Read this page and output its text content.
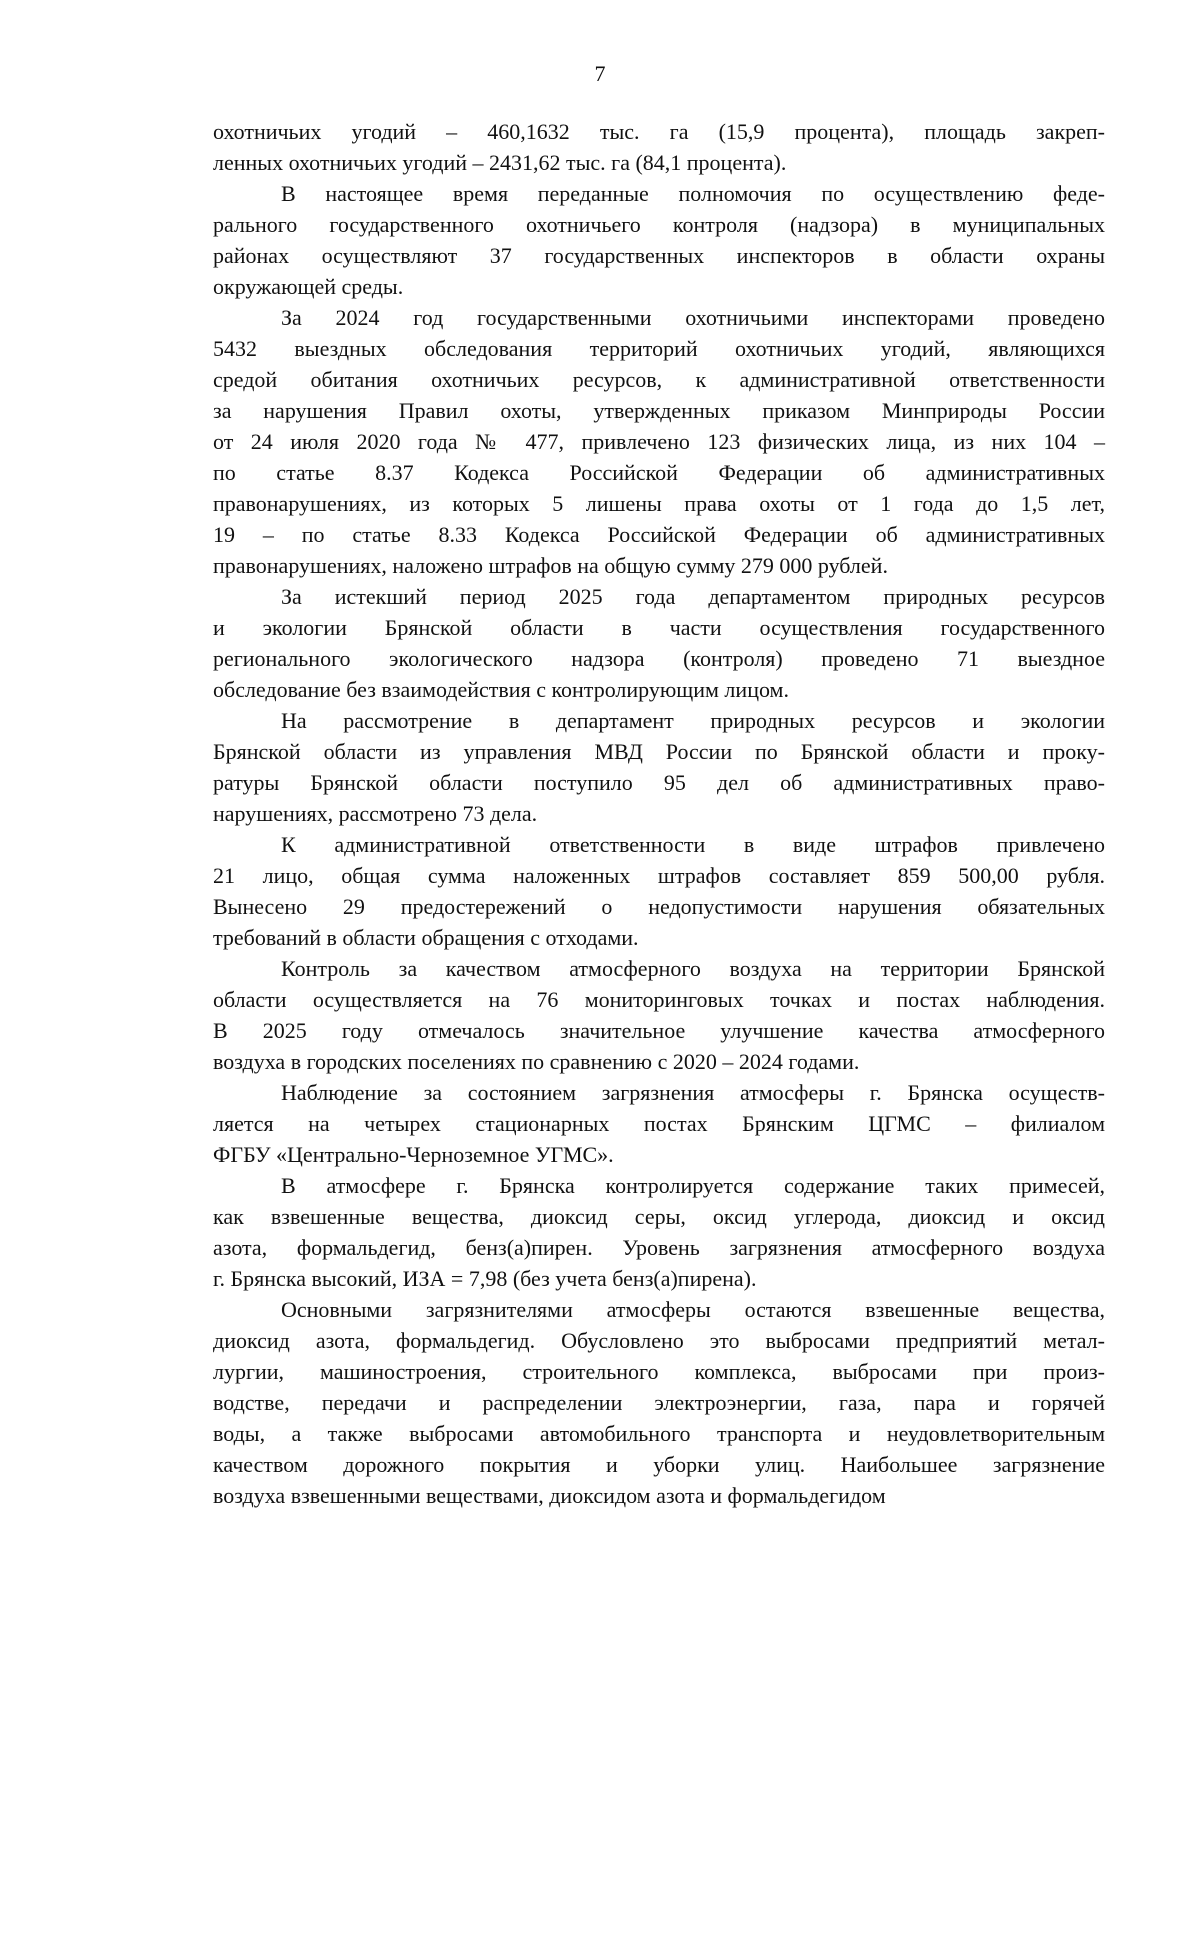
7
охотничьих угодий – 460,1632 тыс. га (15,9 процента), площадь закреп-
ленных охотничьих угодий – 2431,62 тыс. га (84,1 процента).
В настоящее время переданные полномочия по осуществлению феде-
рального государственного охотничьего контроля (надзора) в муниципальных
районах осуществляют 37 государственных инспекторов в области охраны
окружающей среды.
За 2024 год государственными охотничьими инспекторами проведено
5432 выездных обследования территорий охотничьих угодий, являющихся
средой обитания охотничьих ресурсов, к административной ответственности
за нарушения Правил охоты, утвержденных приказом Минприроды России
от 24 июля 2020 года № 477, привлечено 123 физических лица, из них 104 –
по статье 8.37 Кодекса Российской Федерации об административных
правонарушениях, из которых 5 лишены права охоты от 1 года до 1,5 лет,
19 – по статье 8.33 Кодекса Российской Федерации об административных
правонарушениях, наложено штрафов на общую сумму 279 000 рублей.
За истекший период 2025 года департаментом природных ресурсов
и экологии Брянской области в части осуществления государственного
регионального экологического надзора (контроля) проведено 71 выездное
обследование без взаимодействия с контролирующим лицом.
На рассмотрение в департамент природных ресурсов и экологии
Брянской области из управления МВД России по Брянской области и проку-
ратуры Брянской области поступило 95 дел об административных право-
нарушениях, рассмотрено 73 дела.
К административной ответственности в виде штрафов привлечено
21 лицо, общая сумма наложенных штрафов составляет 859 500,00 рубля.
Вынесено 29 предостережений о недопустимости нарушения обязательных
требований в области обращения с отходами.
Контроль за качеством атмосферного воздуха на территории Брянской
области осуществляется на 76 мониторинговых точках и постах наблюдения.
В 2025 году отмечалось значительное улучшение качества атмосферного
воздуха в городских поселениях по сравнению с 2020 – 2024 годами.
Наблюдение за состоянием загрязнения атмосферы г. Брянска осуществ-
ляется на четырех стационарных постах Брянским ЦГМС – филиалом
ФГБУ «Центрально-Черноземное УГМС».
В атмосфере г. Брянска контролируется содержание таких примесей,
как взвешенные вещества, диоксид серы, оксид углерода, диоксид и оксид
азота, формальдегид, бенз(а)пирен. Уровень загрязнения атмосферного воздуха
г. Брянска высокий, ИЗА = 7,98 (без учета бенз(а)пирена).
Основными загрязнителями атмосферы остаются взвешенные вещества,
диоксид азота, формальдегид. Обусловлено это выбросами предприятий метал-
лургии, машиностроения, строительного комплекса, выбросами при произ-
водстве, передачи и распределении электроэнергии, газа, пара и горячей
воды, а также выбросами автомобильного транспорта и неудовлетворительным
качеством дорожного покрытия и уборки улиц. Наибольшее загрязнение
воздуха взвешенными веществами, диоксидом азота и формальдегидом
